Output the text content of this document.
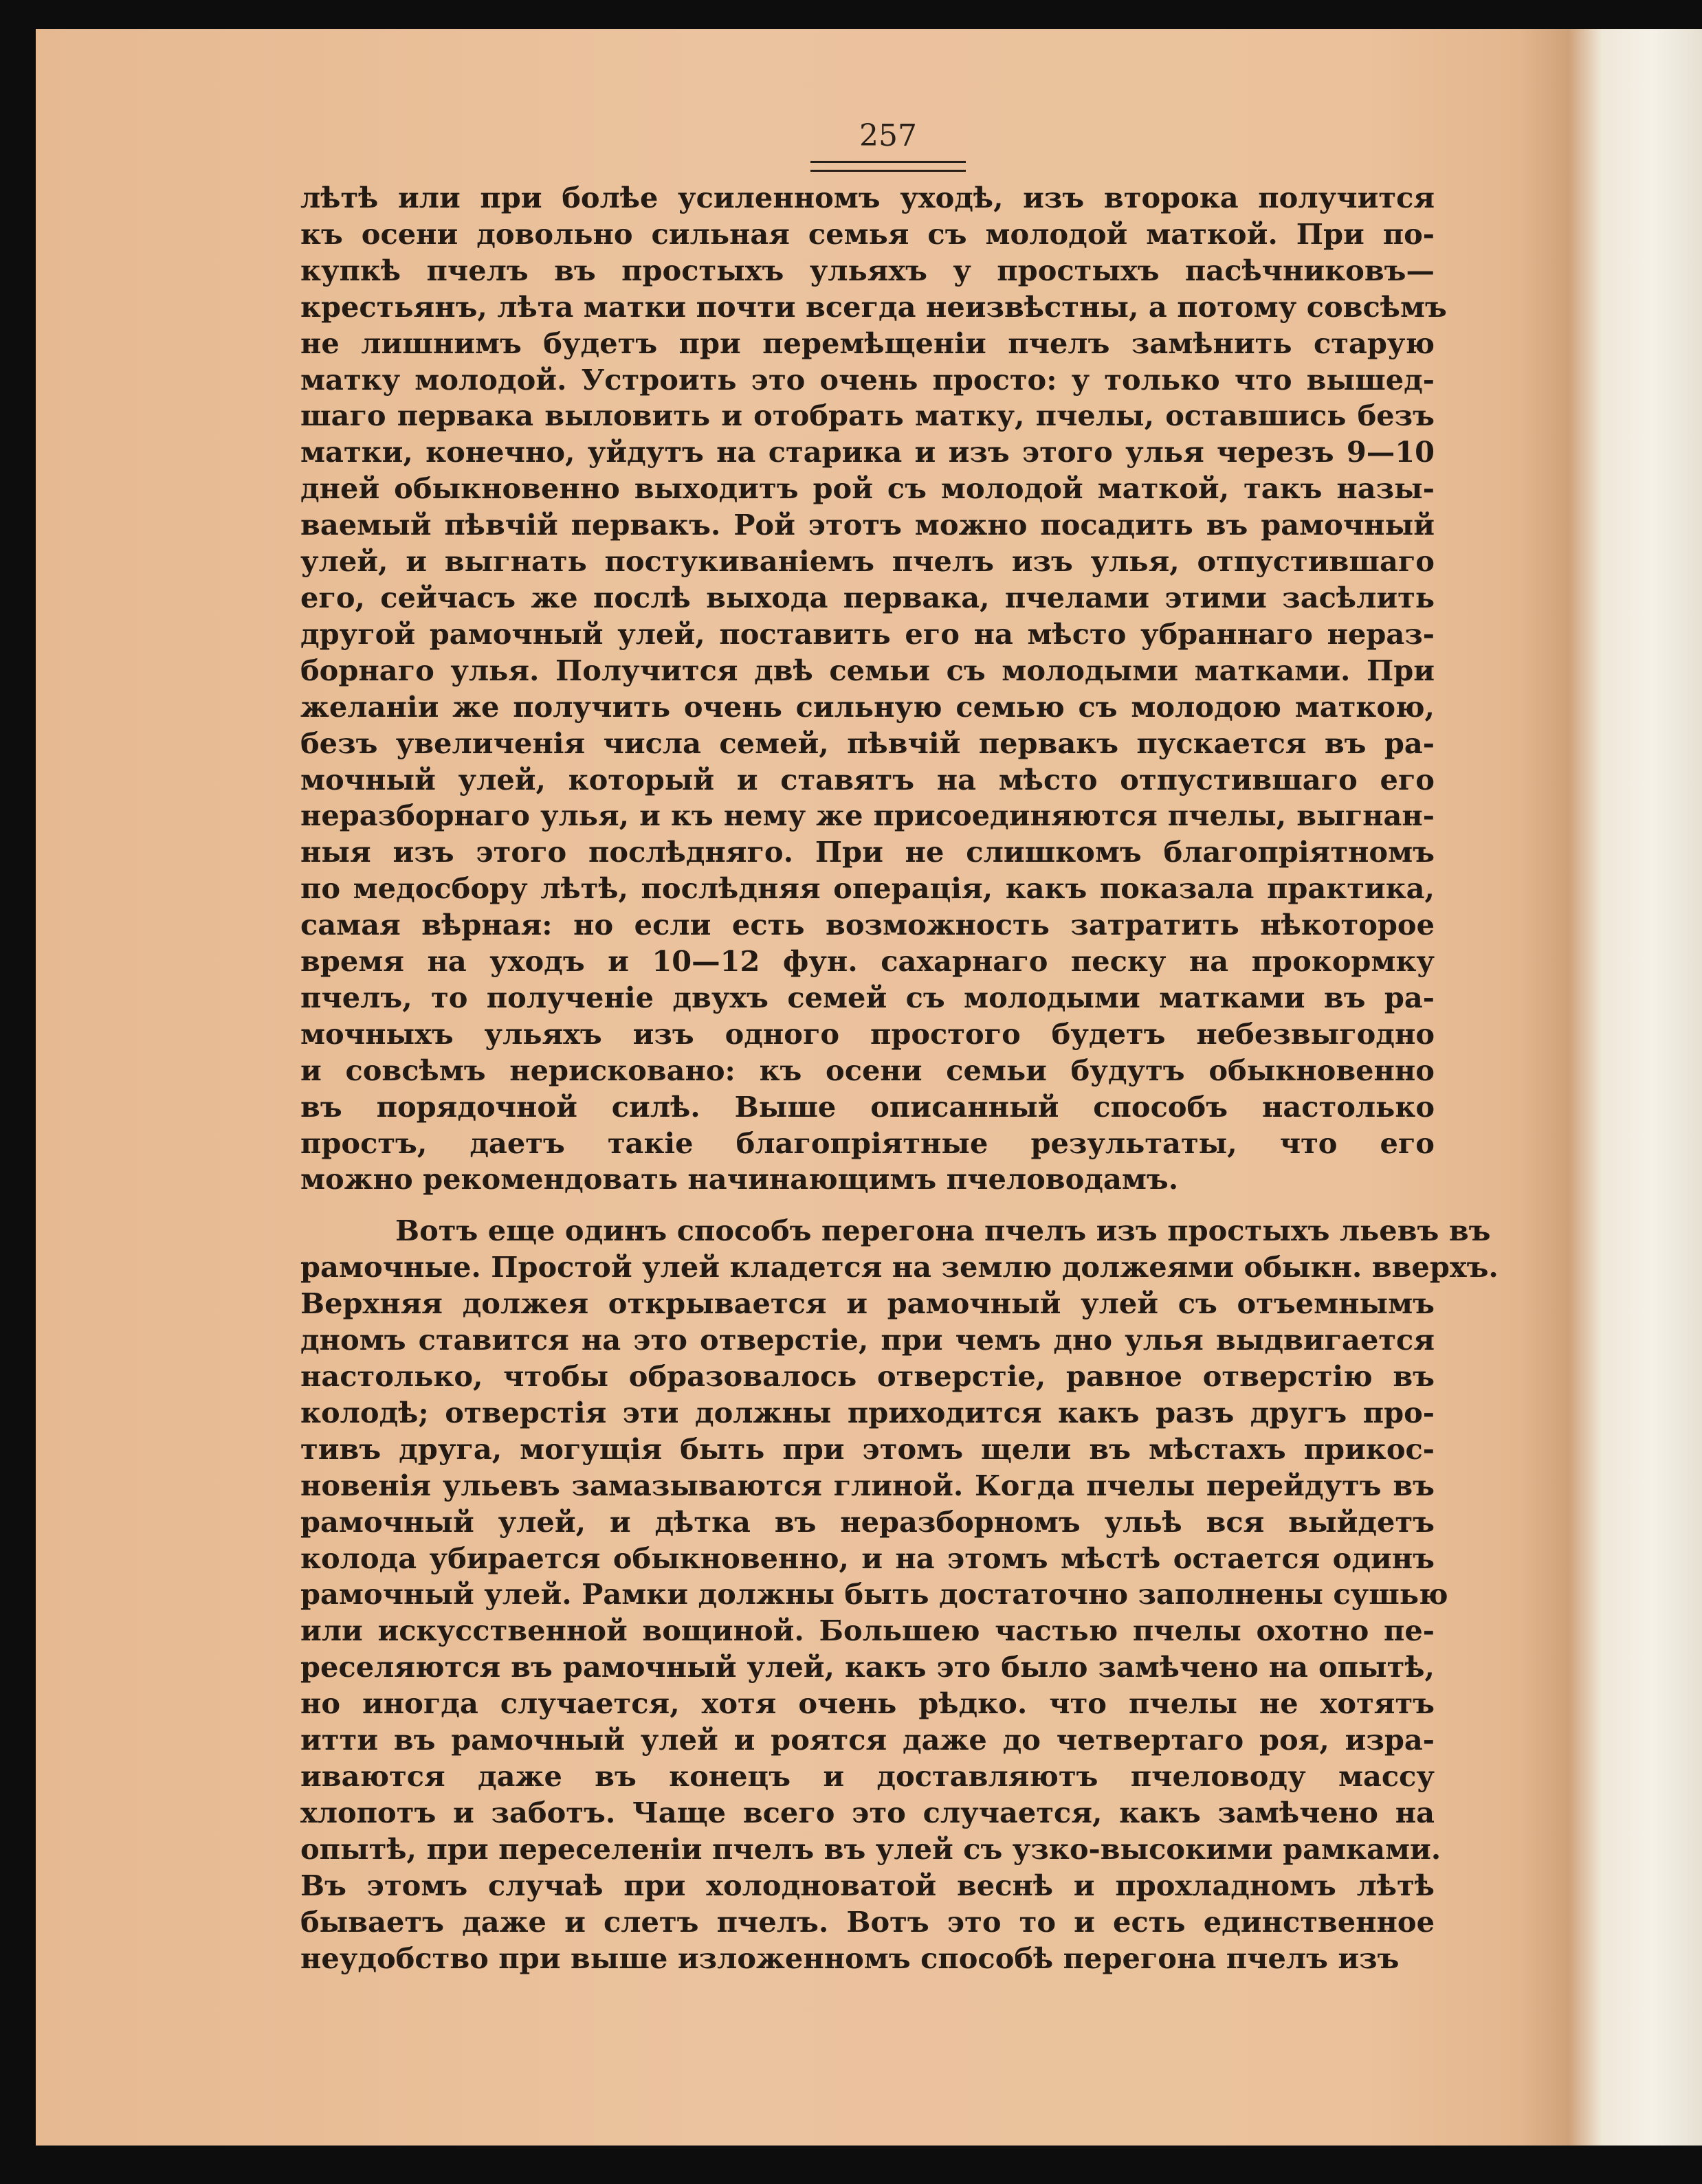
257
лѣтѣ или при болѣе усиленномъ уходѣ, изъ второка получится
къ осени довольно сильная семья съ молодой маткой. При по-
купкѣ пчелъ въ простыхъ ульяхъ у простыхъ пасѣчниковъ—
крестьянъ, лѣта матки почти всегда неизвѣстны, а потому совсѣмъ
не лишнимъ будетъ при перемѣщеніи пчелъ замѣнить старую
матку молодой. Устроить это очень просто: у только что вышед-
шаго первака выловить и отобрать матку, пчелы, оставшись безъ
матки, конечно, уйдутъ на старика и изъ этого улья черезъ 9—10
дней обыкновенно выходитъ рой съ молодой маткой, такъ назы-
ваемый пѣвчій первакъ. Рой этотъ можно посадить въ рамочный
улей, и выгнать постукиваніемъ пчелъ изъ улья, отпустившаго
его, сейчасъ же послѣ выхода первака, пчелами этими засѣлить
другой рамочный улей, поставить его на мѣсто убраннаго нераз-
борнаго улья. Получится двѣ семьи съ молодыми матками. При
желаніи же получить очень сильную семью съ молодою маткою,
безъ увеличенія числа семей, пѣвчій первакъ пускается въ ра-
мочный улей, который и ставятъ на мѣсто отпустившаго его
неразборнаго улья, и къ нему же присоединяются пчелы, выгнан-
ныя изъ этого послѣдняго. При не слишкомъ благопріятномъ
по медосбору лѣтѣ, послѣдняя операція, какъ показала практика,
самая вѣрная: но если есть возможность затратить нѣкоторое
время на уходъ и 10—12 фун. сахарнаго песку на прокормку
пчелъ, то полученіе двухъ семей съ молодыми матками въ ра-
мочныхъ ульяхъ изъ одного простого будетъ небезвыгодно
и совсѣмъ нерисковано: къ осени семьи будутъ обыкновенно
въ порядочной силѣ. Выше описанный способъ настолько
простъ, даетъ такіе благопріятные результаты, что его
можно рекомендовать начинающимъ пчеловодамъ.
Вотъ еще одинъ способъ перегона пчелъ изъ простыхъ льевъ въ
рамочные. Простой улей кладется на землю должеями обыкн. вверхъ.
Верхняя должея открывается и рамочный улей съ отъемнымъ
дномъ ставится на это отверстіе, при чемъ дно улья выдвигается
настолько, чтобы образовалось отверстіе, равное отверстію въ
колодѣ; отверстія эти должны приходится какъ разъ другъ про-
тивъ друга, могущія быть при этомъ щели въ мѣстахъ прикос-
новенія ульевъ замазываются глиной. Когда пчелы перейдутъ въ
рамочный улей, и дѣтка въ неразборномъ ульѣ вся выйдетъ
колода убирается обыкновенно, и на этомъ мѣстѣ остается одинъ
рамочный улей. Рамки должны быть достаточно заполнены сушью
или искусственной вощиной. Большею частью пчелы охотно пе-
реселяются въ рамочный улей, какъ это было замѣчено на опытѣ,
но иногда случается, хотя очень рѣдко. что пчелы не хотятъ
итти въ рамочный улей и роятся даже до четвертаго роя, изра-
иваются даже въ конецъ и доставляютъ пчеловоду массу
хлопотъ и заботъ. Чаще всего это случается, какъ замѣчено на
опытѣ, при переселеніи пчелъ въ улей съ узко-высокими рамками.
Въ этомъ случаѣ при холодноватой веснѣ и прохладномъ лѣтѣ
бываетъ даже и слетъ пчелъ. Вотъ это то и есть единственное
неудобство при выше изложенномъ способѣ перегона пчелъ изъ
